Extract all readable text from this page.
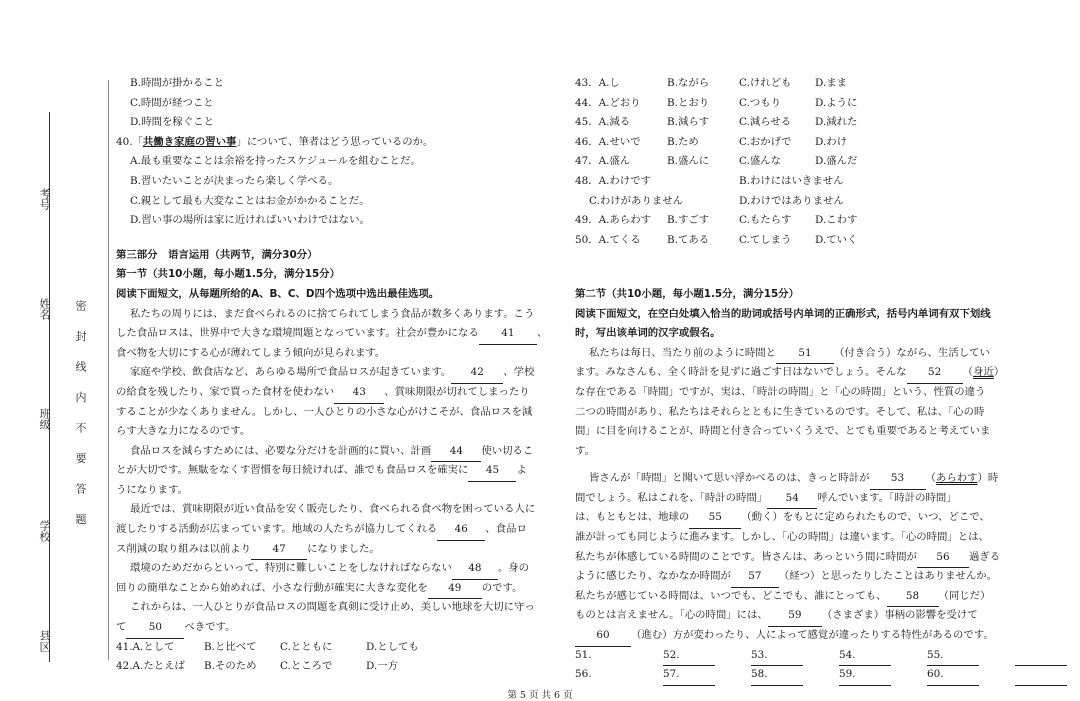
考号
姓名
班级
学校
县区
密 封 线 内 不 要 答 题
B.時間が掛かること
C.時間が経つこと
D.時間を稼ぐこと
40.「共働き家庭の習い事」について、筆者はどう思っているのか。
A.最も重要なことは余裕を持ったスケジュールを組むことだ。
B.習いたいことが決まったら楽しく学べる。
C.親として最も大変なことはお金がかかることだ。
D.習い事の場所は家に近ければいいわけではない。
第三部分　语言运用（共两节，满分30分）
第一节（共10小题，每小题1.5分，满分15分）
阅读下面短文，从每题所给的A、B、C、D四个选项中选出最佳选项。
私たちの周りには、まだ食べられるのに捨てられてしまう食品が数多くあります。こう
した食品ロスは、世界中で大きな環境問題となっています。社会が豊かになる 41 、
食べ物を大切にする心が薄れてしまう傾向が見られます。
家庭や学校、飲食店など、あらゆる場所で食品ロスが起きています。 42 、学校
の給食を残したり、家で買った食材を使わない 43 、賞味期限が切れてしまったり
することが少なくありません。しかし、一人ひとりの小さな心がけこそが、食品ロスを減
らす大きな力になるのです。
食品ロスを減らすためには、必要な分だけを計画的に買い、計画 44 使い切るこ
とが大切です。無駄をなくす習慣を毎日続ければ、誰でも食品ロスを確実に 45 よ
うになります。
最近では、賞味期限が近い食品を安く販売したり、食べられる食べ物を困っている人に
渡したりする活動が広まっています。地域の人たちが協力してくれる 46 、食品ロ
ス削減の取り組みは以前より 47 になりました。
環境のためだからといって、特別に難しいことをしなければならない 48 。身の
回りの簡単なことから始めれば、小さな行動が確実に大きな変化を 49 のです。
これからは、一人ひとりが食品ロスの問題を真剣に受け止め、美しい地球を大切に守っ
て 50 べきです。
41.A.として	B.と比べて	C.とともに	D.としても
42.A.たとえば	B.そのため	C.ところで	D.一方
43．A.し	B.ながら	C.けれども	D.まま
44．A.どおり	B.とおり	C.つもり	D.ように
45．A.減る	B.減らす	C.減らせる	D.減れた
46．A.せいで	B.ため	C.おかげで	D.わけ
47．A.盛ん	B.盛んに	C.盛んな	D.盛んだ
48．A.わけです	B.わけにはいきません
C.わけがありません	D.わけではありません
49．A.あらわす	B.すごす	C.もたらす	D.こわす
50．A.てくる	B.てある	C.てしまう	D.ていく
第二节（共10小题，每小题1.5分，满分15分）
阅读下面短文，在空白处填入恰当的助词或括号内单词的正确形式，括号内单词有双下划线
时，写出该单词的汉字或假名。
私たちは毎日、当たり前のように時間と 51 （付き合う）ながら、生活してい
ます。みなさんも、全く時計を見ずに過ごす日はないでしょう。そんな 52 （身近）
な存在である「時間」ですが、実は、「時計の時間」と「心の時間」という、性質の違う
二つの時間があり、私たちはそれらとともに生きているのです。そして、私は、「心の時
間」に目を向けることが、時間と付き合っていくうえで、とても重要であると考えていま
す。
皆さんが「時間」と聞いて思い浮かべるのは、きっと時計が 53 （あらわす）時
間でしょう。私はこれを、「時計の時間」 54 呼んでいます。「時計の時間」
は、もともとは、地球の 55 （動く）をもとに定められたもので、いつ、どこで、
誰が計っても同じように進みます。しかし、「心の時間」は違います。「心の時間」とは、
私たちが体感している時間のことです。皆さんは、あっという間に時間が 56 過ぎる
ように感じたり、なかなか時間が 57 （経つ）と思ったりしたことはありませんか。
私たちが感じている時間は、いつでも、どこでも、誰にとっても、 58 （同じだ）
ものとは言えません。「心の時間」には、 59 （さまざま）事柄の影響を受けて
60 （進む）方が変わったり、人によって感覚が違ったりする特性があるのです。
51.	52.	53.	54.	55.
56.	57.	58.	59.	60.
第 5 页 共 6 页
